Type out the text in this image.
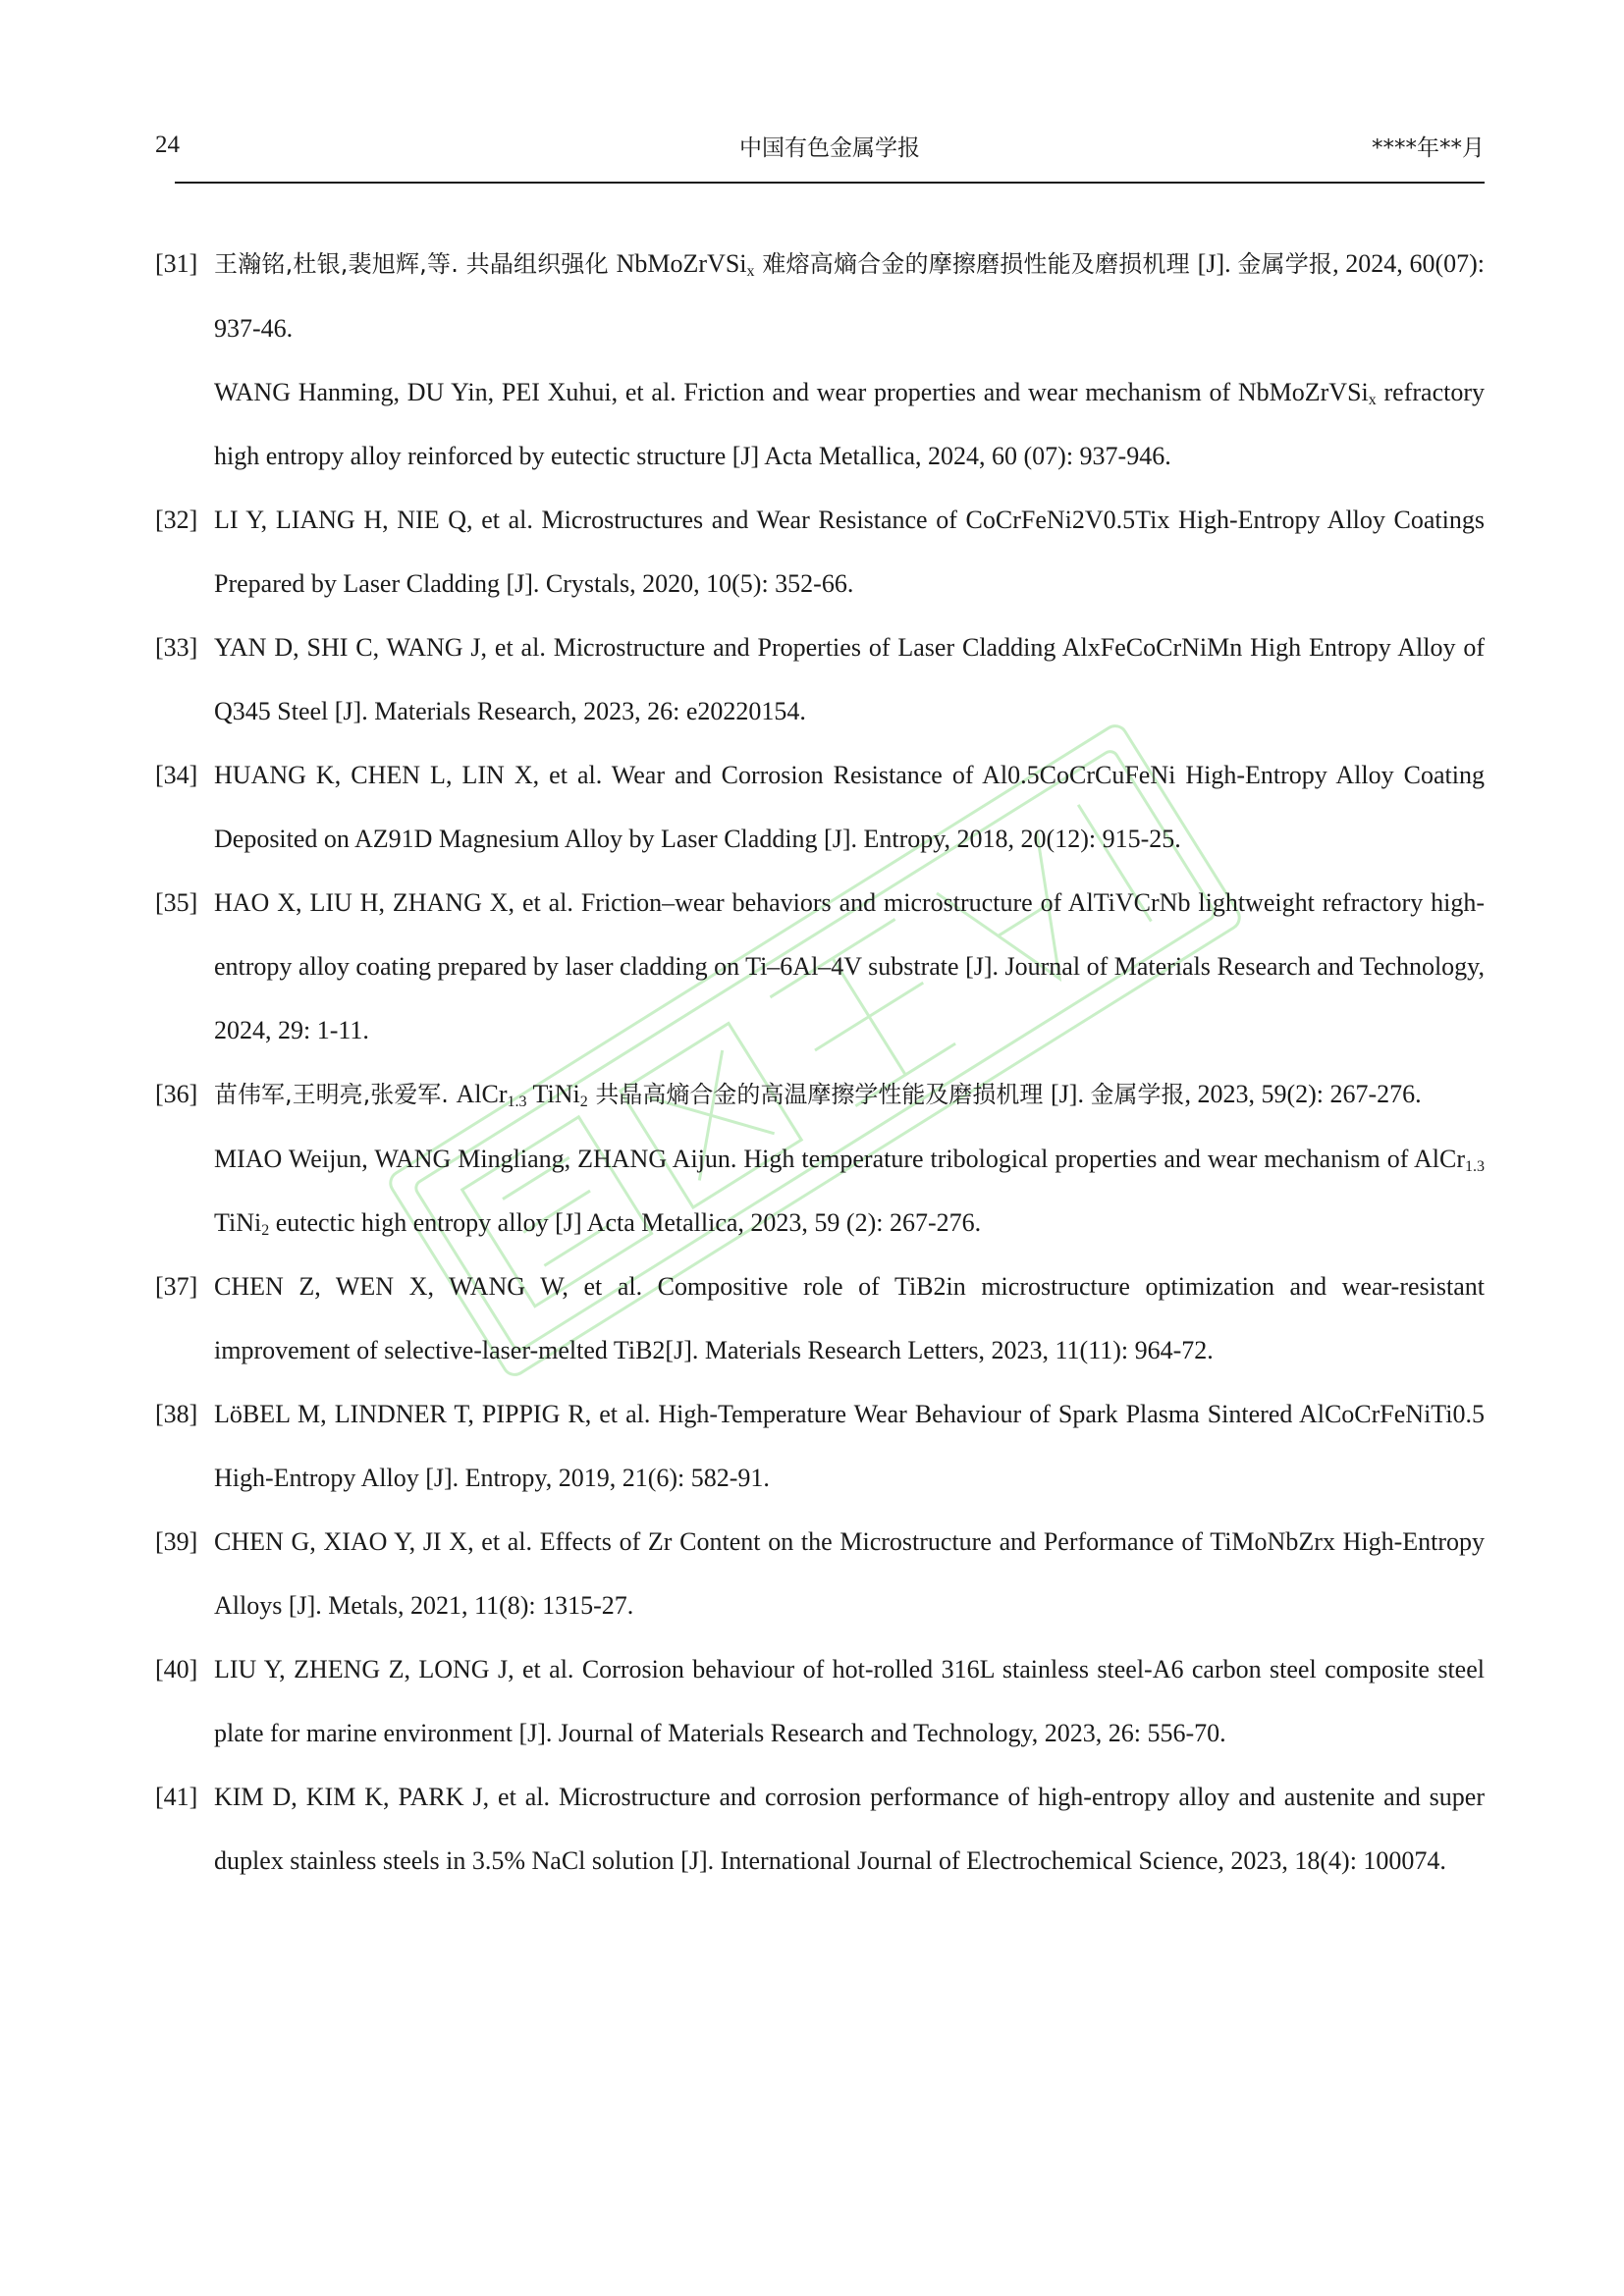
24	中国有色金属学报	****年**月
[31] 王瀚铭,杜银,裴旭辉,等. 共晶组织强化 NbMoZrVSi$_x$ 难熔高熵合金的摩擦磨损性能及磨损机理 [J]. 金属学报, 2024, 60(07): 937-46.
WANG Hanming, DU Yin, PEI Xuhui, et al. Friction and wear properties and wear mechanism of NbMoZrVSi$_x$ refractory high entropy alloy reinforced by eutectic structure [J] Acta Metallica, 2024, 60 (07): 937-946.
[32] LI Y, LIANG H, NIE Q, et al. Microstructures and Wear Resistance of CoCrFeNi2V0.5Tix High-Entropy Alloy Coatings Prepared by Laser Cladding [J]. Crystals, 2020, 10(5): 352-66.
[33] YAN D, SHI C, WANG J, et al. Microstructure and Properties of Laser Cladding AlxFeCoCrNiMn High Entropy Alloy of Q345 Steel [J]. Materials Research, 2023, 26: e20220154.
[34] HUANG K, CHEN L, LIN X, et al. Wear and Corrosion Resistance of Al0.5CoCrCuFeNi High-Entropy Alloy Coating Deposited on AZ91D Magnesium Alloy by Laser Cladding [J]. Entropy, 2018, 20(12): 915-25.
[35] HAO X, LIU H, ZHANG X, et al. Friction–wear behaviors and microstructure of AlTiVCrNb lightweight refractory high-entropy alloy coating prepared by laser cladding on Ti–6Al–4V substrate [J]. Journal of Materials Research and Technology, 2024, 29: 1-11.
[36] 苗伟军,王明亮,张爱军. AlCr$_{1.3}$ TiNi$_2$ 共晶高熵合金的高温摩擦学性能及磨损机理 [J]. 金属学报, 2023, 59(2): 267-276.
MIAO Weijun, WANG Mingliang, ZHANG Aijun. High temperature tribological properties and wear mechanism of AlCr$_{1.3}$ TiNi$_2$ eutectic high entropy alloy [J] Acta Metallica, 2023, 59 (2): 267-276.
[37] CHEN Z, WEN X, WANG W, et al. Compositive role of TiB2in microstructure optimization and wear-resistant improvement of selective-laser-melted TiB2[J]. Materials Research Letters, 2023, 11(11): 964-72.
[38] LöBEL M, LINDNER T, PIPPIG R, et al. High-Temperature Wear Behaviour of Spark Plasma Sintered AlCoCrFeNiTi0.5 High-Entropy Alloy [J]. Entropy, 2019, 21(6): 582-91.
[39] CHEN G, XIAO Y, JI X, et al. Effects of Zr Content on the Microstructure and Performance of TiMoNbZrx High-Entropy Alloys [J]. Metals, 2021, 11(8): 1315-27.
[40] LIU Y, ZHENG Z, LONG J, et al. Corrosion behaviour of hot-rolled 316L stainless steel-A6 carbon steel composite steel plate for marine environment [J]. Journal of Materials Research and Technology, 2023, 26: 556-70.
[41] KIM D, KIM K, PARK J, et al. Microstructure and corrosion performance of high-entropy alloy and austenite and super duplex stainless steels in 3.5% NaCl solution [J]. International Journal of Electrochemical Science, 2023, 18(4): 100074.
